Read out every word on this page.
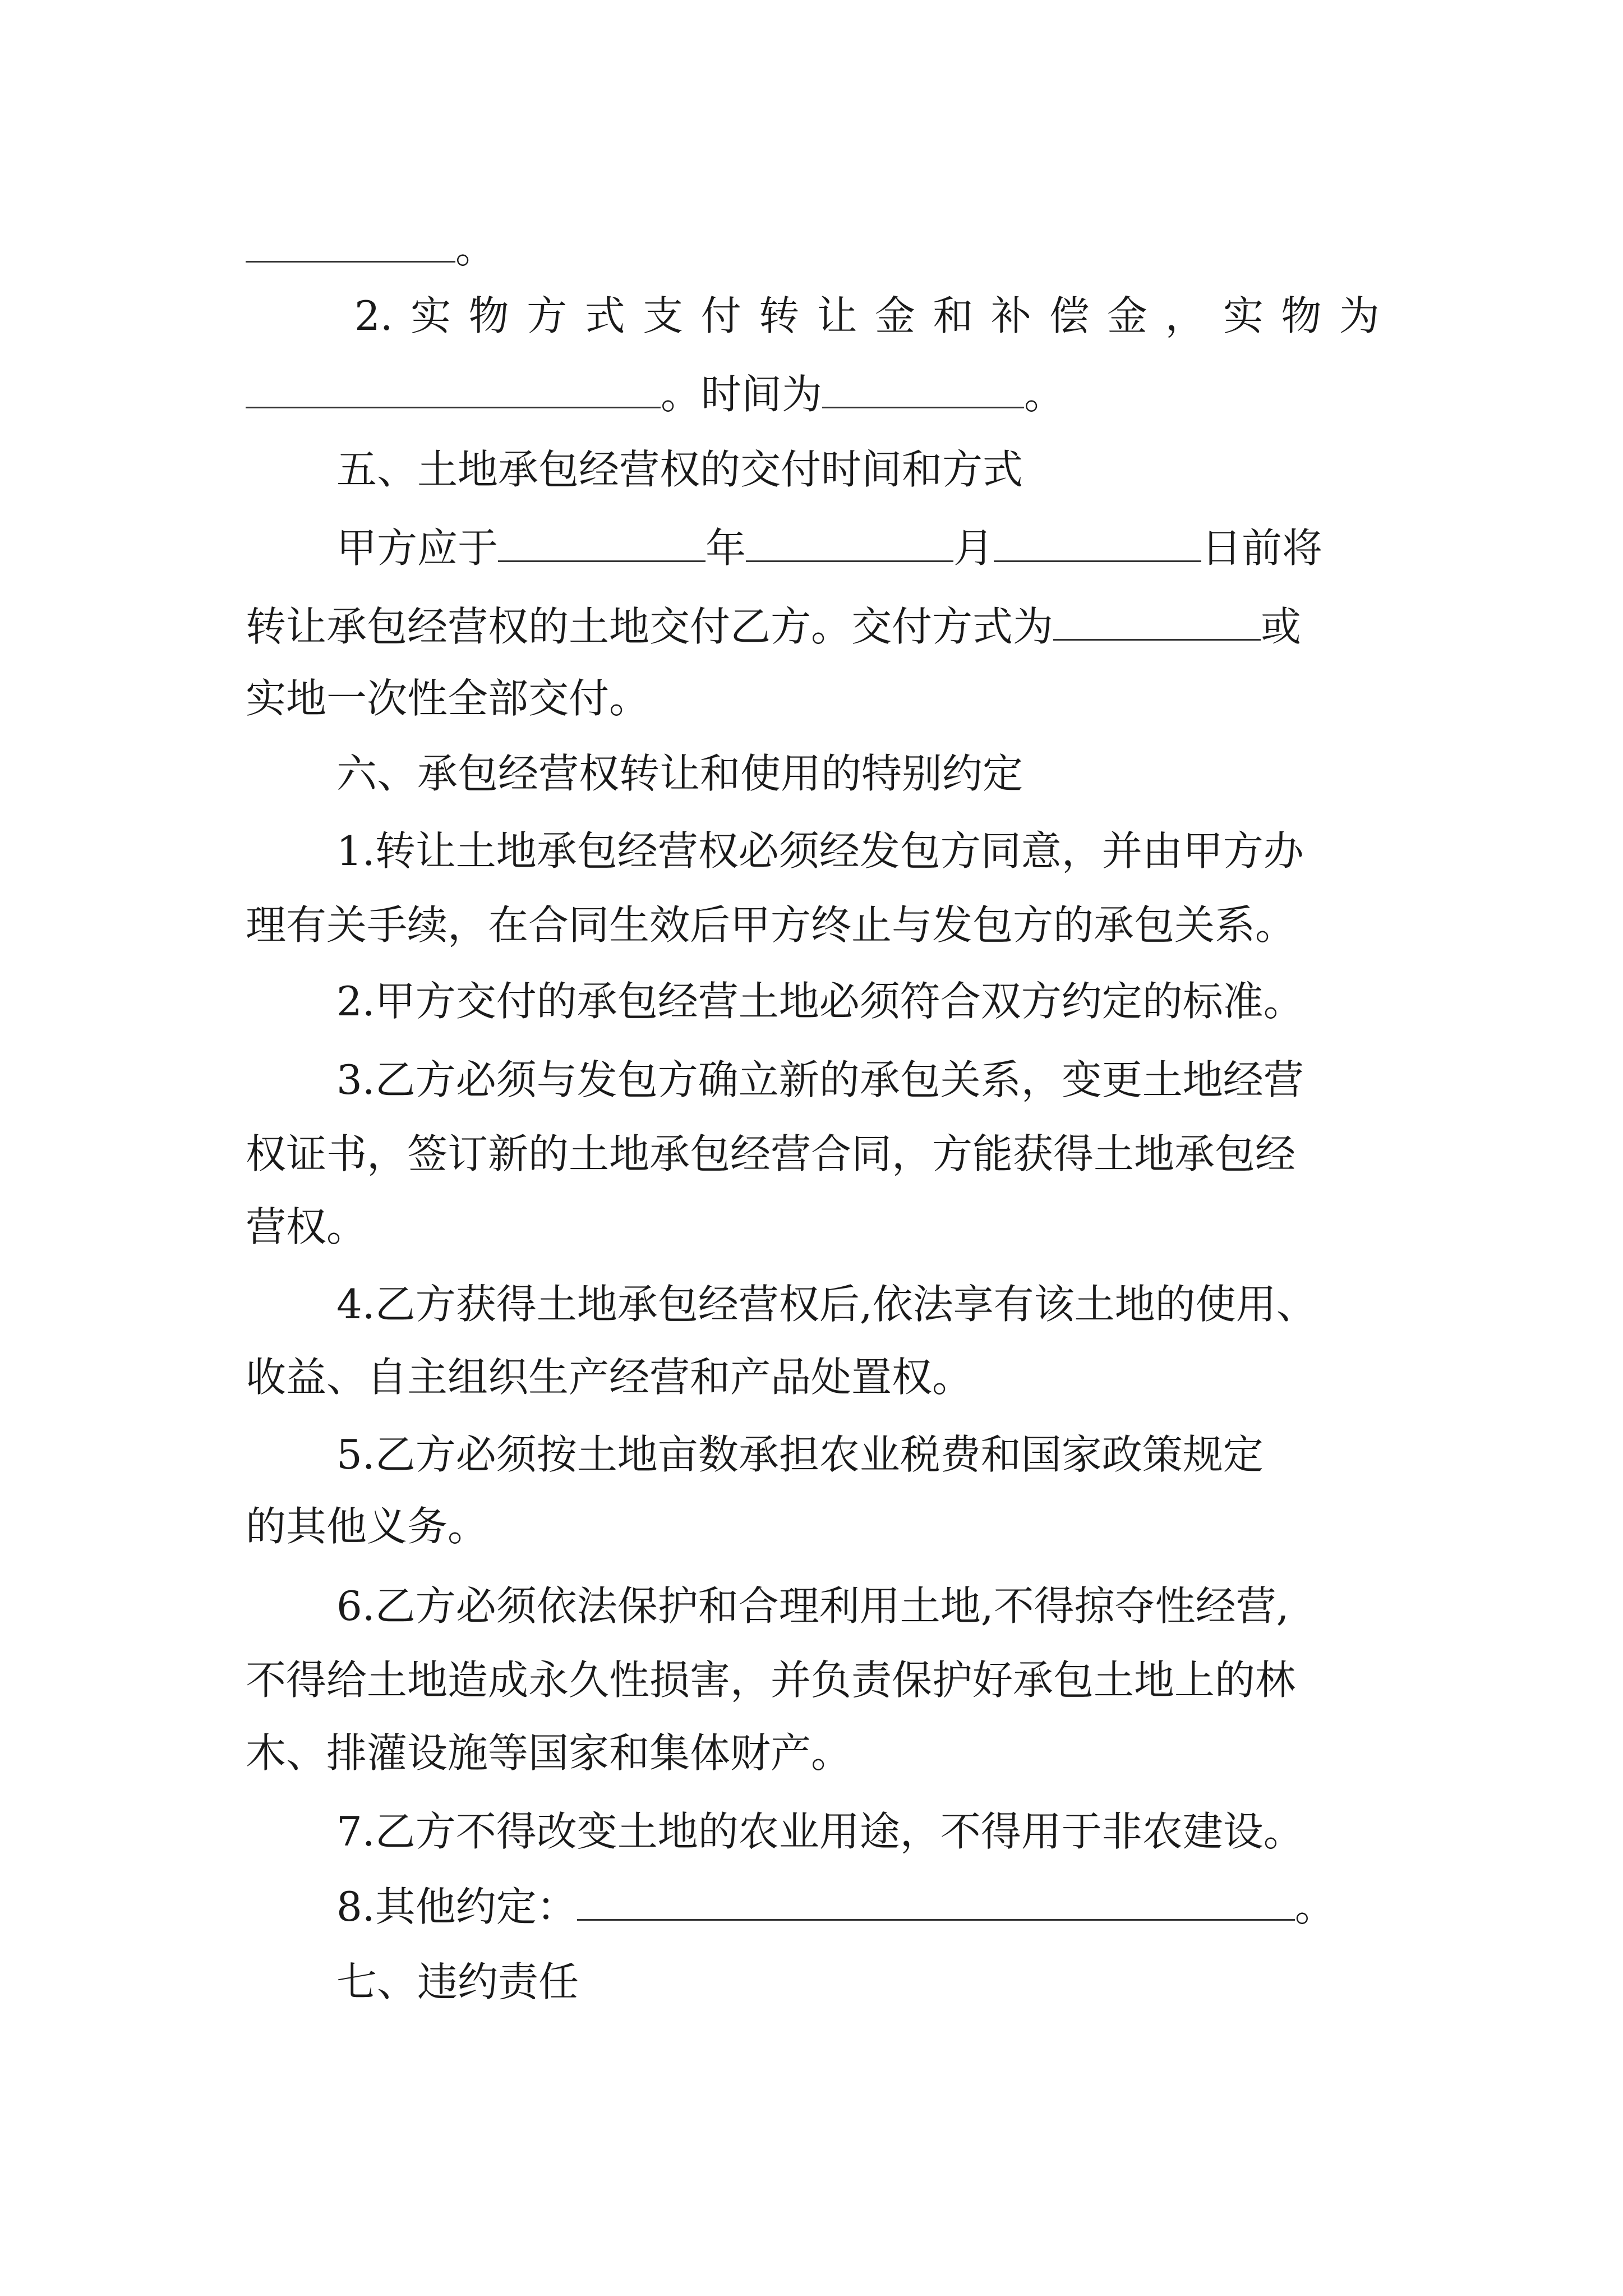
。
2. 实 物 方 式 支 付 转 让 金 和 补 偿 金 ， 实 物 为
。时间为	。
五、土地承包经营权的交付时间和方式
甲方应于	年	月	日前将
转让承包经营权的土地交付乙方。交付方式为	或
实地一次性全部交付。
六、承包经营权转让和使用的特别约定
1.转让土地承包经营权必须经发包方同意，并由甲方办
理有关手续，在合同生效后甲方终止与发包方的承包关系。
2.甲方交付的承包经营土地必须符合双方约定的标准。
3.乙方必须与发包方确立新的承包关系，变更土地经营
权证书，签订新的土地承包经营合同，方能获得土地承包经
营权。
4.乙方获得土地承包经营权后,依法享有该土地的使用、
收益、自主组织生产经营和产品处置权。
5.乙方必须按土地亩数承担农业税费和国家政策规定
的其他义务。
6.乙方必须依法保护和合理利用土地,不得掠夺性经营,
不得给土地造成永久性损害，并负责保护好承包土地上的林
木、排灌设施等国家和集体财产。
7.乙方不得改变土地的农业用途，不得用于非农建设。
8.其他约定：	。
七、违约责任
